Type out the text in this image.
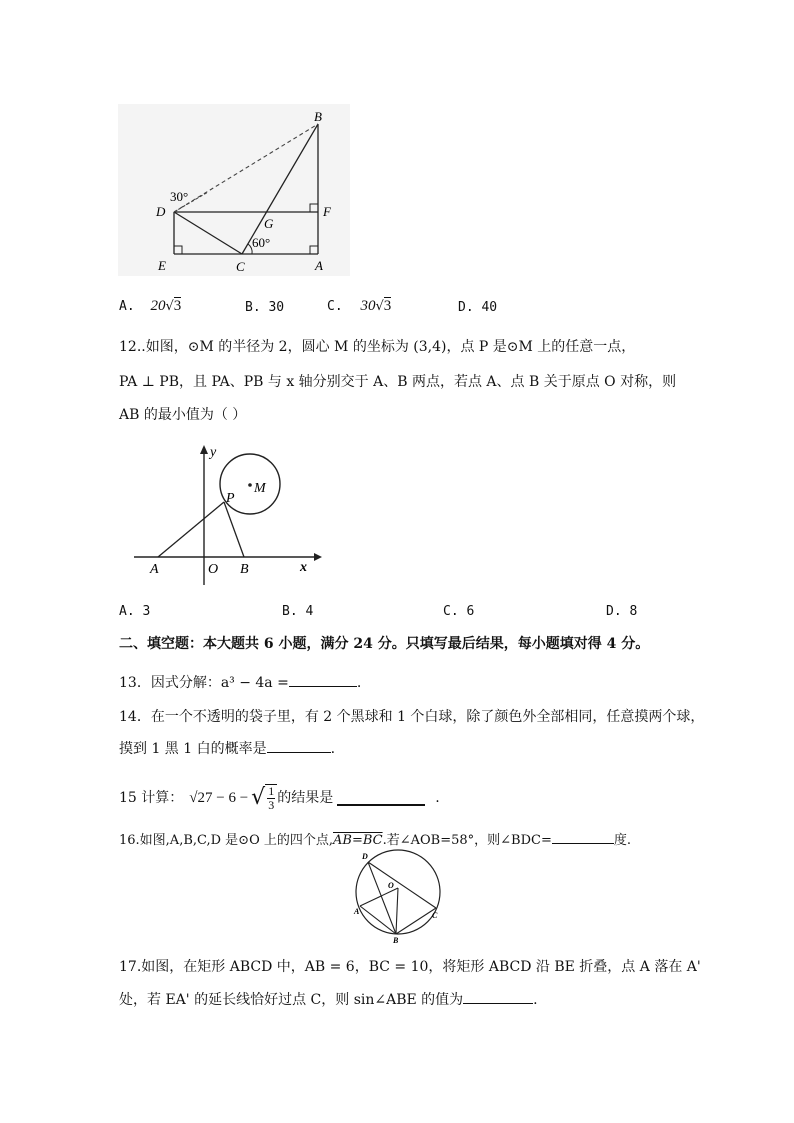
B
D	F
G
E	C	A
30°
60°
A. 20√3	B. 30	C. 30√3	D. 40
12..如图，⊙M 的半径为 2，圆心 M 的坐标为 (3,4)，点 P 是⊙M 上的任意一点，
PA ⊥ PB，且 PA、PB 与 x 轴分别交于 A、B 两点，若点 A、点 B 关于原点 O 对称，则
AB 的最小值为（ ）
y
x
M
P
A	O B
A. 3	B. 4	C. 6	D. 8
二、填空题：本大题共 6 小题，满分 24 分。只填写最后结果，每小题填对得 4 分。
13．因式分解：a³ − 4a =	.
14．在一个不透明的袋子里，有 2 个黑球和 1 个白球，除了颜色外全部相同，任意摸两个球，
摸到 1 黑 1 白的概率是	.
15 计算： √27 − 6 − √ $\frac{1}{3}$ 的结果是	.
16.如图,A,B,C,D 是⊙O 上的四个点,AB=BC.若∠AOB=58°，则∠BDC=	度.
D
O
A	C
B
17.如图，在矩形 ABCD 中，AB = 6，BC = 10，将矩形 ABCD 沿 BE 折叠，点 A 落在 A'
处，若 EA' 的延长线恰好过点 C，则 sin∠ABE 的值为	.
